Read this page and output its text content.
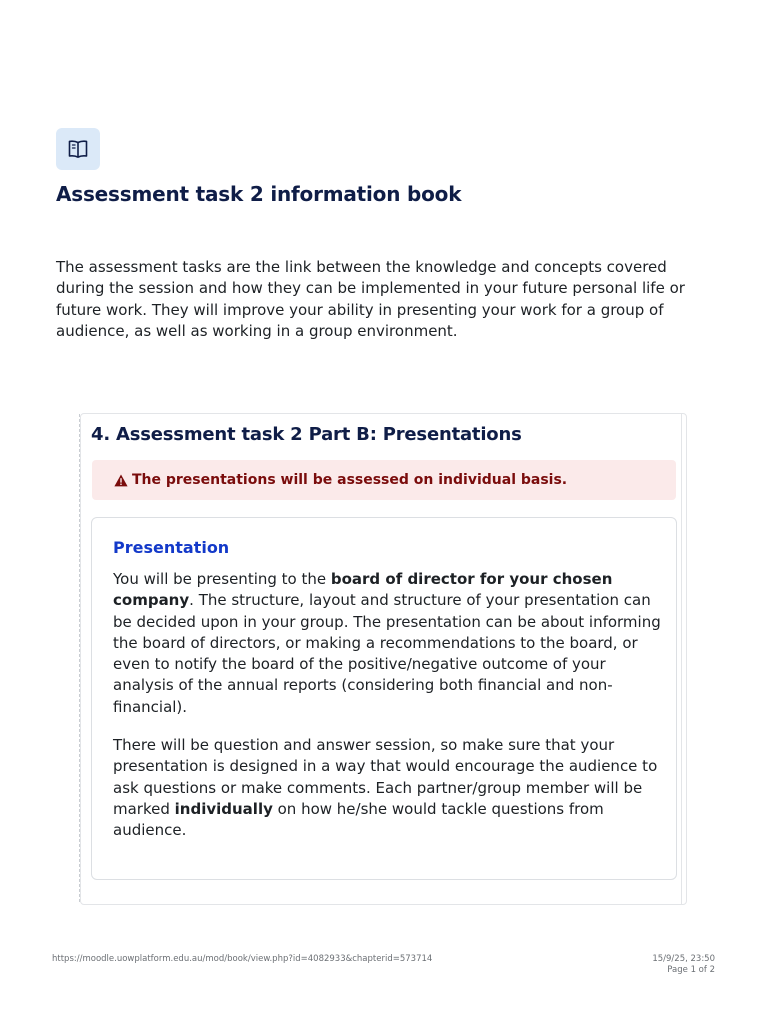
Assessment task 2 information book

The assessment tasks are the link between the knowledge and concepts covered during the session and how they can be implemented in your future personal life or future work. They will improve your ability in presenting your work for a group of audience, as well as working in a group environment.

4. Assessment task 2 Part B: Presentations
The presentations will be assessed on individual basis.
Presentation

You will be presenting to the board of director for your chosen company. The structure, layout and structure of your presentation can be decided upon in your group. The presentation can be about informing the board of directors, or making a recommendations to the board, or even to notify the board of the positive/negative outcome of your analysis of the annual reports (considering both financial and non-financial).

There will be question and answer session, so make sure that your presentation is designed in a way that would encourage the audience to ask questions or make comments. Each partner/group member will be marked individually on how he/she would tackle questions from audience.

https://moodle.uowplatform.edu.au/mod/book/view.php?id=4082933&chapterid=573714	15/9/25, 23:50
Page 1 of 2
